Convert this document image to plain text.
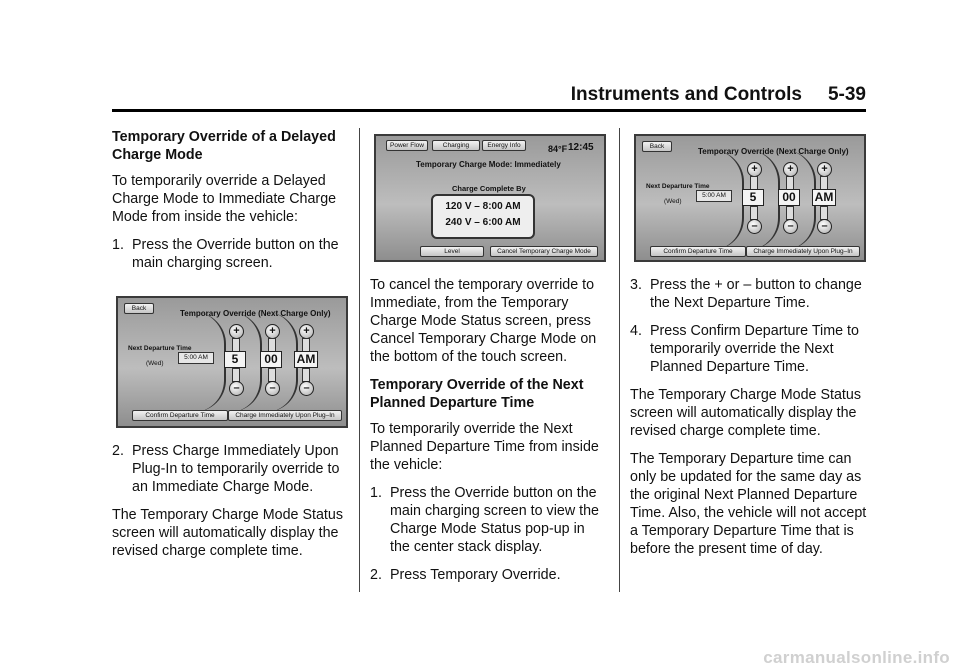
Instruments and Controls 5-39
Temporary Override of a Delayed Charge Mode

To temporarily override a Delayed Charge Mode to Immediate Charge Mode from inside the vehicle:

1. Press the Override button on the main charging screen.
Back
Temporary Override (Next Charge Only)
Next Departure Time
(Wed)
5:00 AM
+
5
–
+
00
–
+
AM
–
Confirm Departure Time	Charge Immediately Upon Plug–In
2. Press Charge Immediately Upon Plug-In to temporarily override to an Immediate Charge Mode.

The Temporary Charge Mode Status screen will automatically display the revised charge complete time.

Power Flow	Charging	Energy Info	84°F 12:45
Temporary Charge Mode: Immediately
Charge Complete By
120 V – 8:00 AM
240 V – 6:00 AM
Level	Cancel Temporary Charge Mode

To cancel the temporary override to Immediate, from the Temporary Charge Mode Status screen, press Cancel Temporary Charge Mode on the bottom of the touch screen.

Temporary Override of the Next Planned Departure Time

To temporarily override the Next Planned Departure Time from inside the vehicle:

1. Press the Override button on the main charging screen to view the Charge Mode Status pop-up in the center stack display.
2. Press Temporary Override.
Back
Temporary Override (Next Charge Only)
Next Departure Time
(Wed)
5:00 AM
+
5
–
+
00
–
+
AM
–
Confirm Departure Time	Charge Immediately Upon Plug–In
3. Press the + or – button to change the Next Departure Time.
4. Press Confirm Departure Time to temporarily override the Next Planned Departure Time.

The Temporary Charge Mode Status screen will automatically display the revised charge complete time.

The Temporary Departure time can only be updated for the same day as the original Next Planned Departure Time. Also, the vehicle will not accept a Temporary Departure Time that is before the present time of day.

carmanualsonline.info
